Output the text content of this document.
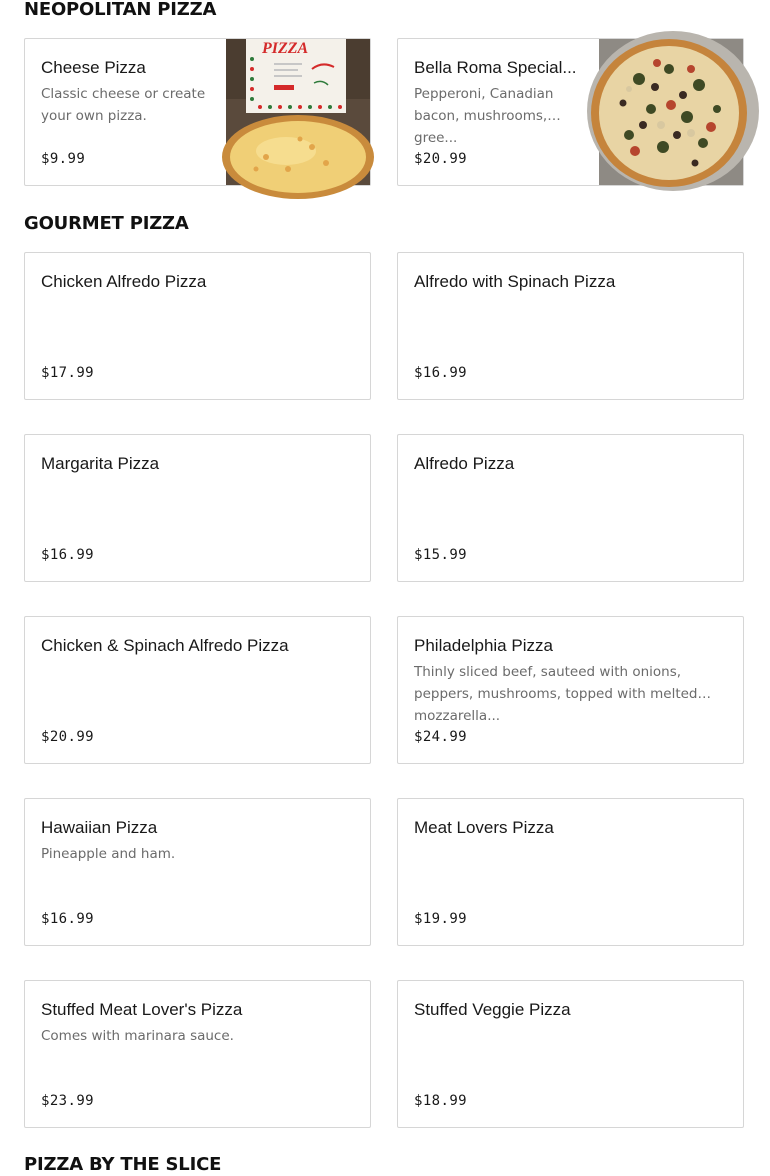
NEOPOLITAN PIZZA
Cheese Pizza
Classic cheese or create your own pizza.
$9.99
PIZZA
Bella Roma Special...
Pepperoni, Canadian bacon, mushrooms, gree...
$20.99
GOURMET PIZZA
Chicken Alfredo Pizza
$17.99
Alfredo with Spinach Pizza
$16.99
Margarita Pizza
$16.99
Alfredo Pizza
$15.99
Chicken & Spinach Alfredo Pizza
$20.99
Philadelphia Pizza
Thinly sliced beef, sauteed with onions, peppers, mushrooms, topped with melted mozzarella...
$24.99
Hawaiian Pizza
Pineapple and ham.
$16.99
Meat Lovers Pizza
$19.99
Stuffed Meat Lover's Pizza
Comes with marinara sauce.
$23.99
Stuffed Veggie Pizza
$18.99
PIZZA BY THE SLICE
